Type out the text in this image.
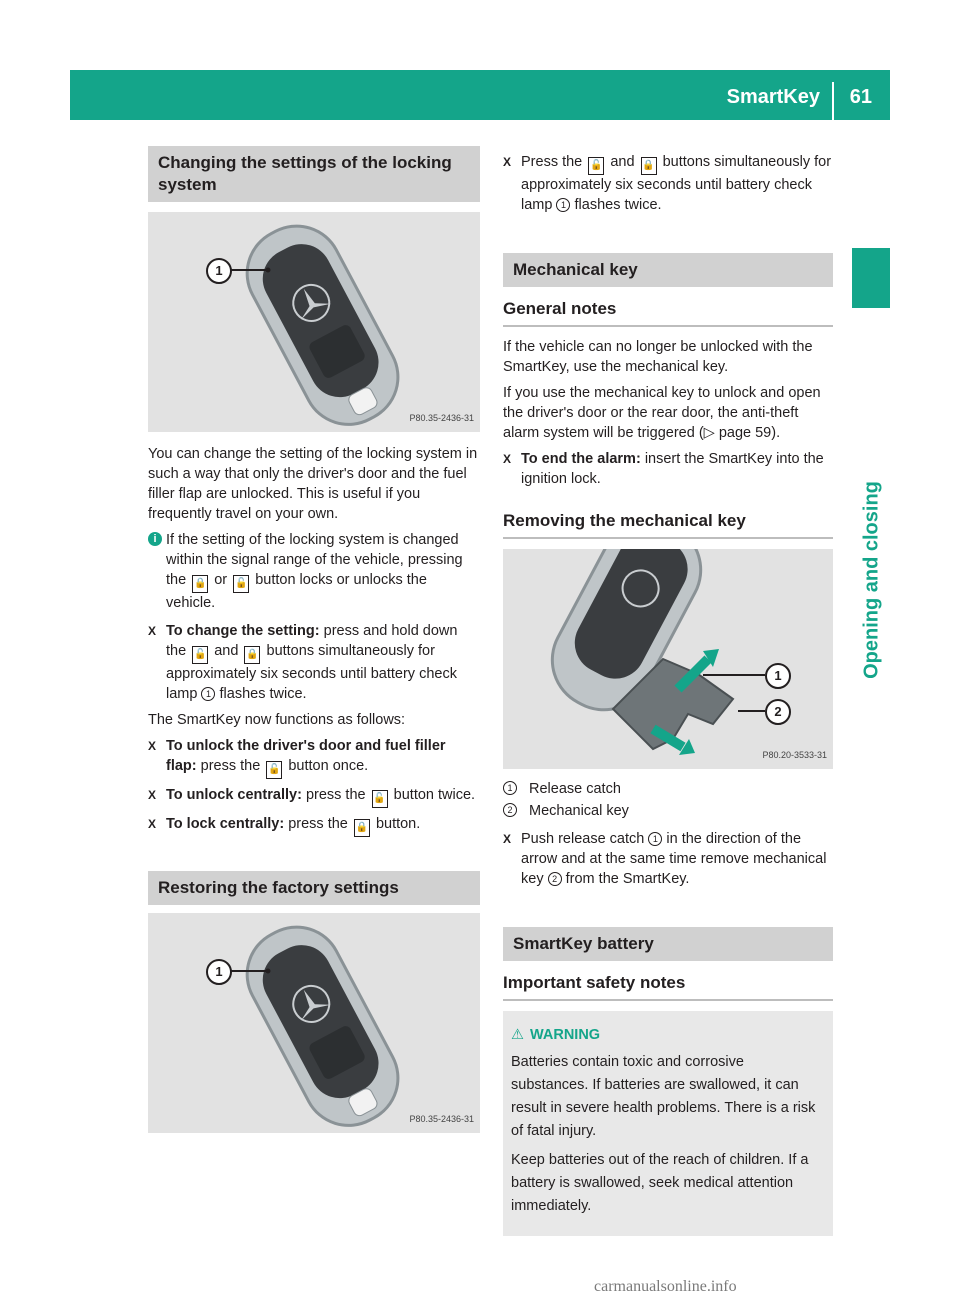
SmartKey 61
Opening and closing
Changing the settings of the locking system
1
P80.35-2436-31

You can change the setting of the locking system in such a way that only the driver's door and the fuel filler flap are unlocked. This is useful if you frequently travel on your own.

i If the setting of the locking system is changed within the signal range of the vehicle, pressing the 🔒 or 🔓 button locks or unlocks the vehicle.
X To change the setting: press and hold down the 🔓 and 🔒 buttons simultaneously for approximately six seconds until battery check lamp 1 flashes twice.

The SmartKey now functions as follows:

X To unlock the driver's door and fuel filler flap: press the 🔓 button once.
X To unlock centrally: press the 🔓 button twice.
X To lock centrally: press the 🔒 button.
Restoring the factory settings
1
P80.35-2436-31
X Press the 🔓 and 🔒 buttons simultaneously for approximately six seconds until battery check lamp 1 flashes twice.
Mechanical key
General notes

If the vehicle can no longer be unlocked with the SmartKey, use the mechanical key.

If you use the mechanical key to unlock and open the driver's door or the rear door, the anti-theft alarm system will be triggered (▷ page 59).

X To end the alarm: insert the SmartKey into the ignition lock.
Removing the mechanical key
1
2
P80.20-3533-31
1	Release catch
2	Mechanical key
X Push release catch 1 in the direction of the arrow and at the same time remove mechanical key 2 from the SmartKey.
SmartKey battery
Important safety notes
⚠ WARNING

Batteries contain toxic and corrosive substances. If batteries are swallowed, it can result in severe health problems. There is a risk of fatal injury.

Keep batteries out of the reach of children. If a battery is swallowed, seek medical attention immediately.

carmanualsonline.info
